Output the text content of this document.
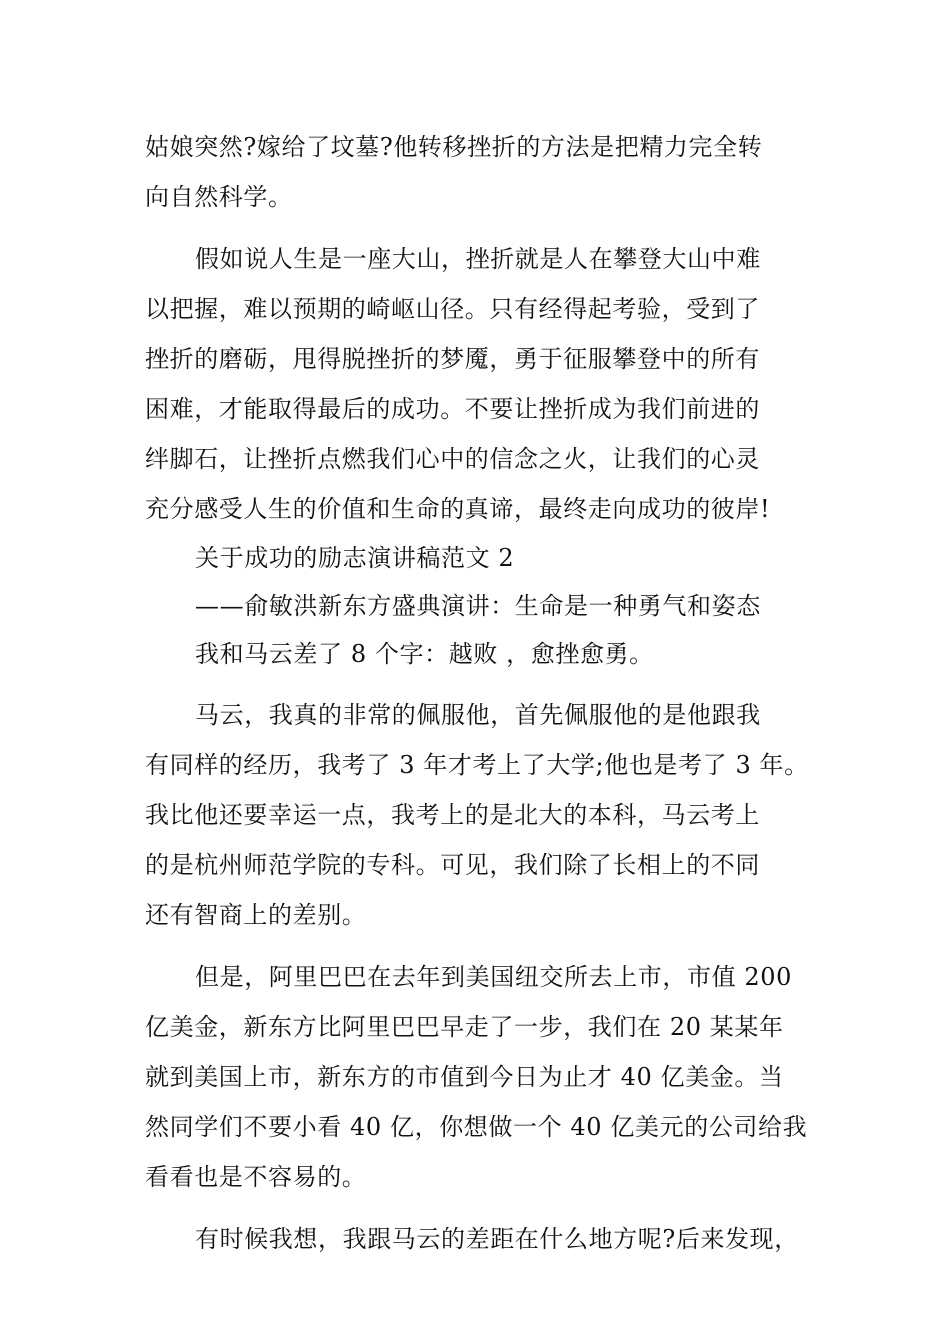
姑娘突然?嫁给了坟墓?他转移挫折的方法是把精力完全转
向自然科学。
假如说人生是一座大山，挫折就是人在攀登大山中难
以把握，难以预期的崎岖山径。只有经得起考验，受到了
挫折的磨砺，甩得脱挫折的梦魇，勇于征服攀登中的所有
困难，才能取得最后的成功。不要让挫折成为我们前进的
绊脚石，让挫折点燃我们心中的信念之火，让我们的心灵
充分感受人生的价值和生命的真谛，最终走向成功的彼岸!
关于成功的励志演讲稿范文 2
——俞敏洪新东方盛典演讲：生命是一种勇气和姿态
我和马云差了 8 个字：越败 ，愈挫愈勇。
马云，我真的非常的佩服他，首先佩服他的是他跟我
有同样的经历，我考了 3 年才考上了大学;他也是考了 3 年。
我比他还要幸运一点，我考上的是北大的本科，马云考上
的是杭州师范学院的专科。可见，我们除了长相上的不同
还有智商上的差别。
但是，阿里巴巴在去年到美国纽交所去上市，市值 200
亿美金，新东方比阿里巴巴早走了一步，我们在 20 某某年
就到美国上市，新东方的市值到今日为止才 40 亿美金。当
然同学们不要小看 40 亿，你想做一个 40 亿美元的公司给我
看看也是不容易的。
有时候我想，我跟马云的差距在什么地方呢?后来发现，
